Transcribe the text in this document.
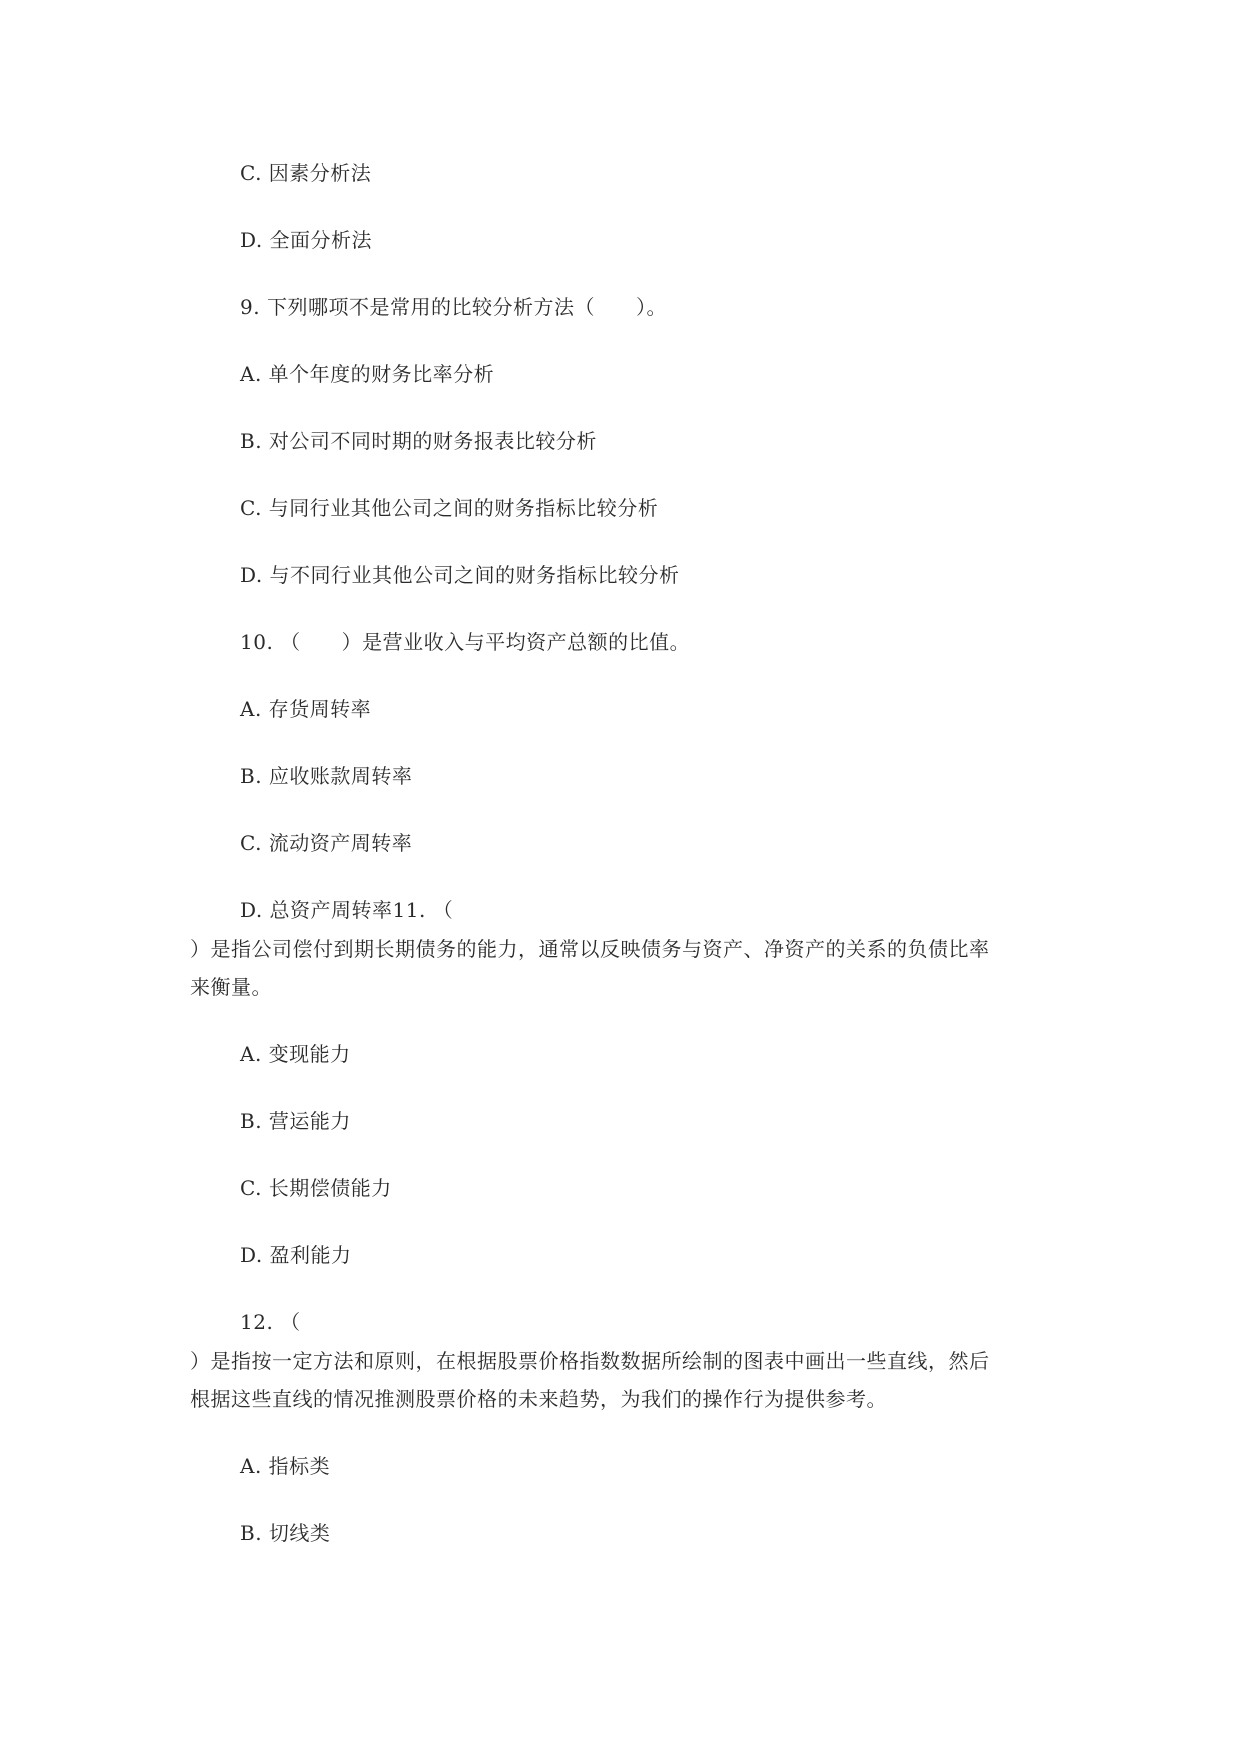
C. 因素分析法
D. 全面分析法
9. 下列哪项不是常用的比较分析方法（　　）。
A. 单个年度的财务比率分析
B. 对公司不同时期的财务报表比较分析
C. 与同行业其他公司之间的财务指标比较分析
D. 与不同行业其他公司之间的财务指标比较分析
10. （　　）是营业收入与平均资产总额的比值。
A. 存货周转率
B. 应收账款周转率
C. 流动资产周转率
D. 总资产周转率11. （
）是指公司偿付到期长期债务的能力，通常以反映债务与资产、净资产的关系的负债比率
来衡量。
A. 变现能力
B. 营运能力
C. 长期偿债能力
D. 盈利能力
12. （
）是指按一定方法和原则，在根据股票价格指数数据所绘制的图表中画出一些直线，然后
根据这些直线的情况推测股票价格的未来趋势，为我们的操作行为提供参考。
A. 指标类
B. 切线类
